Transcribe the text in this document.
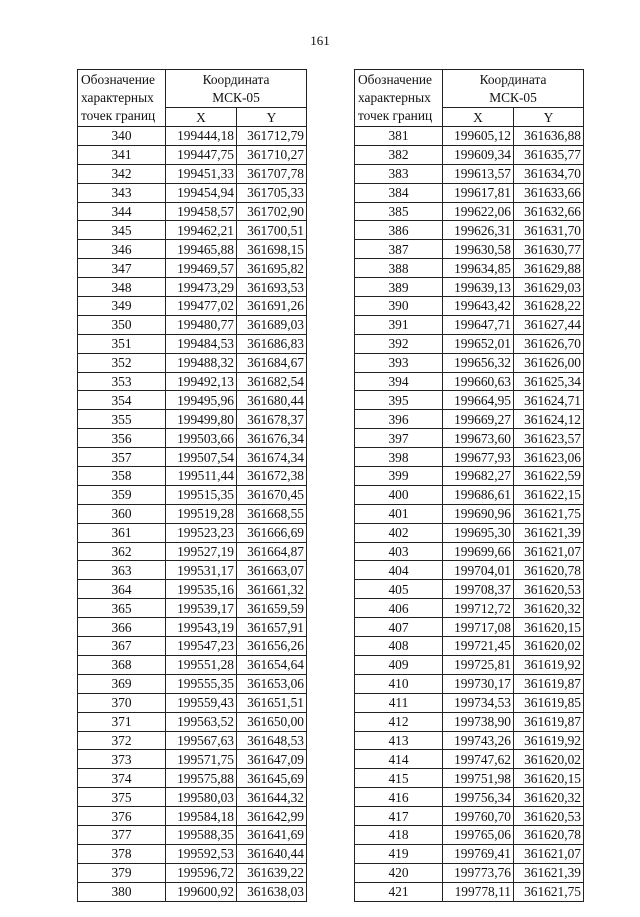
161
Обозначение
характерных
точек границ	Координата
МСК-05	

	X	Y
340	199444,18	361712,79
341	199447,75	361710,27
342	199451,33	361707,78
343	199454,94	361705,33
344	199458,57	361702,90
345	199462,21	361700,51
346	199465,88	361698,15
347	199469,57	361695,82
348	199473,29	361693,53
349	199477,02	361691,26
350	199480,77	361689,03
351	199484,53	361686,83
352	199488,32	361684,67
353	199492,13	361682,54
354	199495,96	361680,44
355	199499,80	361678,37
356	199503,66	361676,34
357	199507,54	361674,34
358	199511,44	361672,38
359	199515,35	361670,45
360	199519,28	361668,55
361	199523,23	361666,69
362	199527,19	361664,87
363	199531,17	361663,07
364	199535,16	361661,32
365	199539,17	361659,59
366	199543,19	361657,91
367	199547,23	361656,26
368	199551,28	361654,64
369	199555,35	361653,06
370	199559,43	361651,51
371	199563,52	361650,00
372	199567,63	361648,53
373	199571,75	361647,09
374	199575,88	361645,69
375	199580,03	361644,32
376	199584,18	361642,99
377	199588,35	361641,69
378	199592,53	361640,44
379	199596,72	361639,22
380	199600,92	361638,03
Обозначение
характерных
точек границ	Координата
МСК-05	

	X	Y
381	199605,12	361636,88
382	199609,34	361635,77
383	199613,57	361634,70
384	199617,81	361633,66
385	199622,06	361632,66
386	199626,31	361631,70
387	199630,58	361630,77
388	199634,85	361629,88
389	199639,13	361629,03
390	199643,42	361628,22
391	199647,71	361627,44
392	199652,01	361626,70
393	199656,32	361626,00
394	199660,63	361625,34
395	199664,95	361624,71
396	199669,27	361624,12
397	199673,60	361623,57
398	199677,93	361623,06
399	199682,27	361622,59
400	199686,61	361622,15
401	199690,96	361621,75
402	199695,30	361621,39
403	199699,66	361621,07
404	199704,01	361620,78
405	199708,37	361620,53
406	199712,72	361620,32
407	199717,08	361620,15
408	199721,45	361620,02
409	199725,81	361619,92
410	199730,17	361619,87
411	199734,53	361619,85
412	199738,90	361619,87
413	199743,26	361619,92
414	199747,62	361620,02
415	199751,98	361620,15
416	199756,34	361620,32
417	199760,70	361620,53
418	199765,06	361620,78
419	199769,41	361621,07
420	199773,76	361621,39
421	199778,11	361621,75
